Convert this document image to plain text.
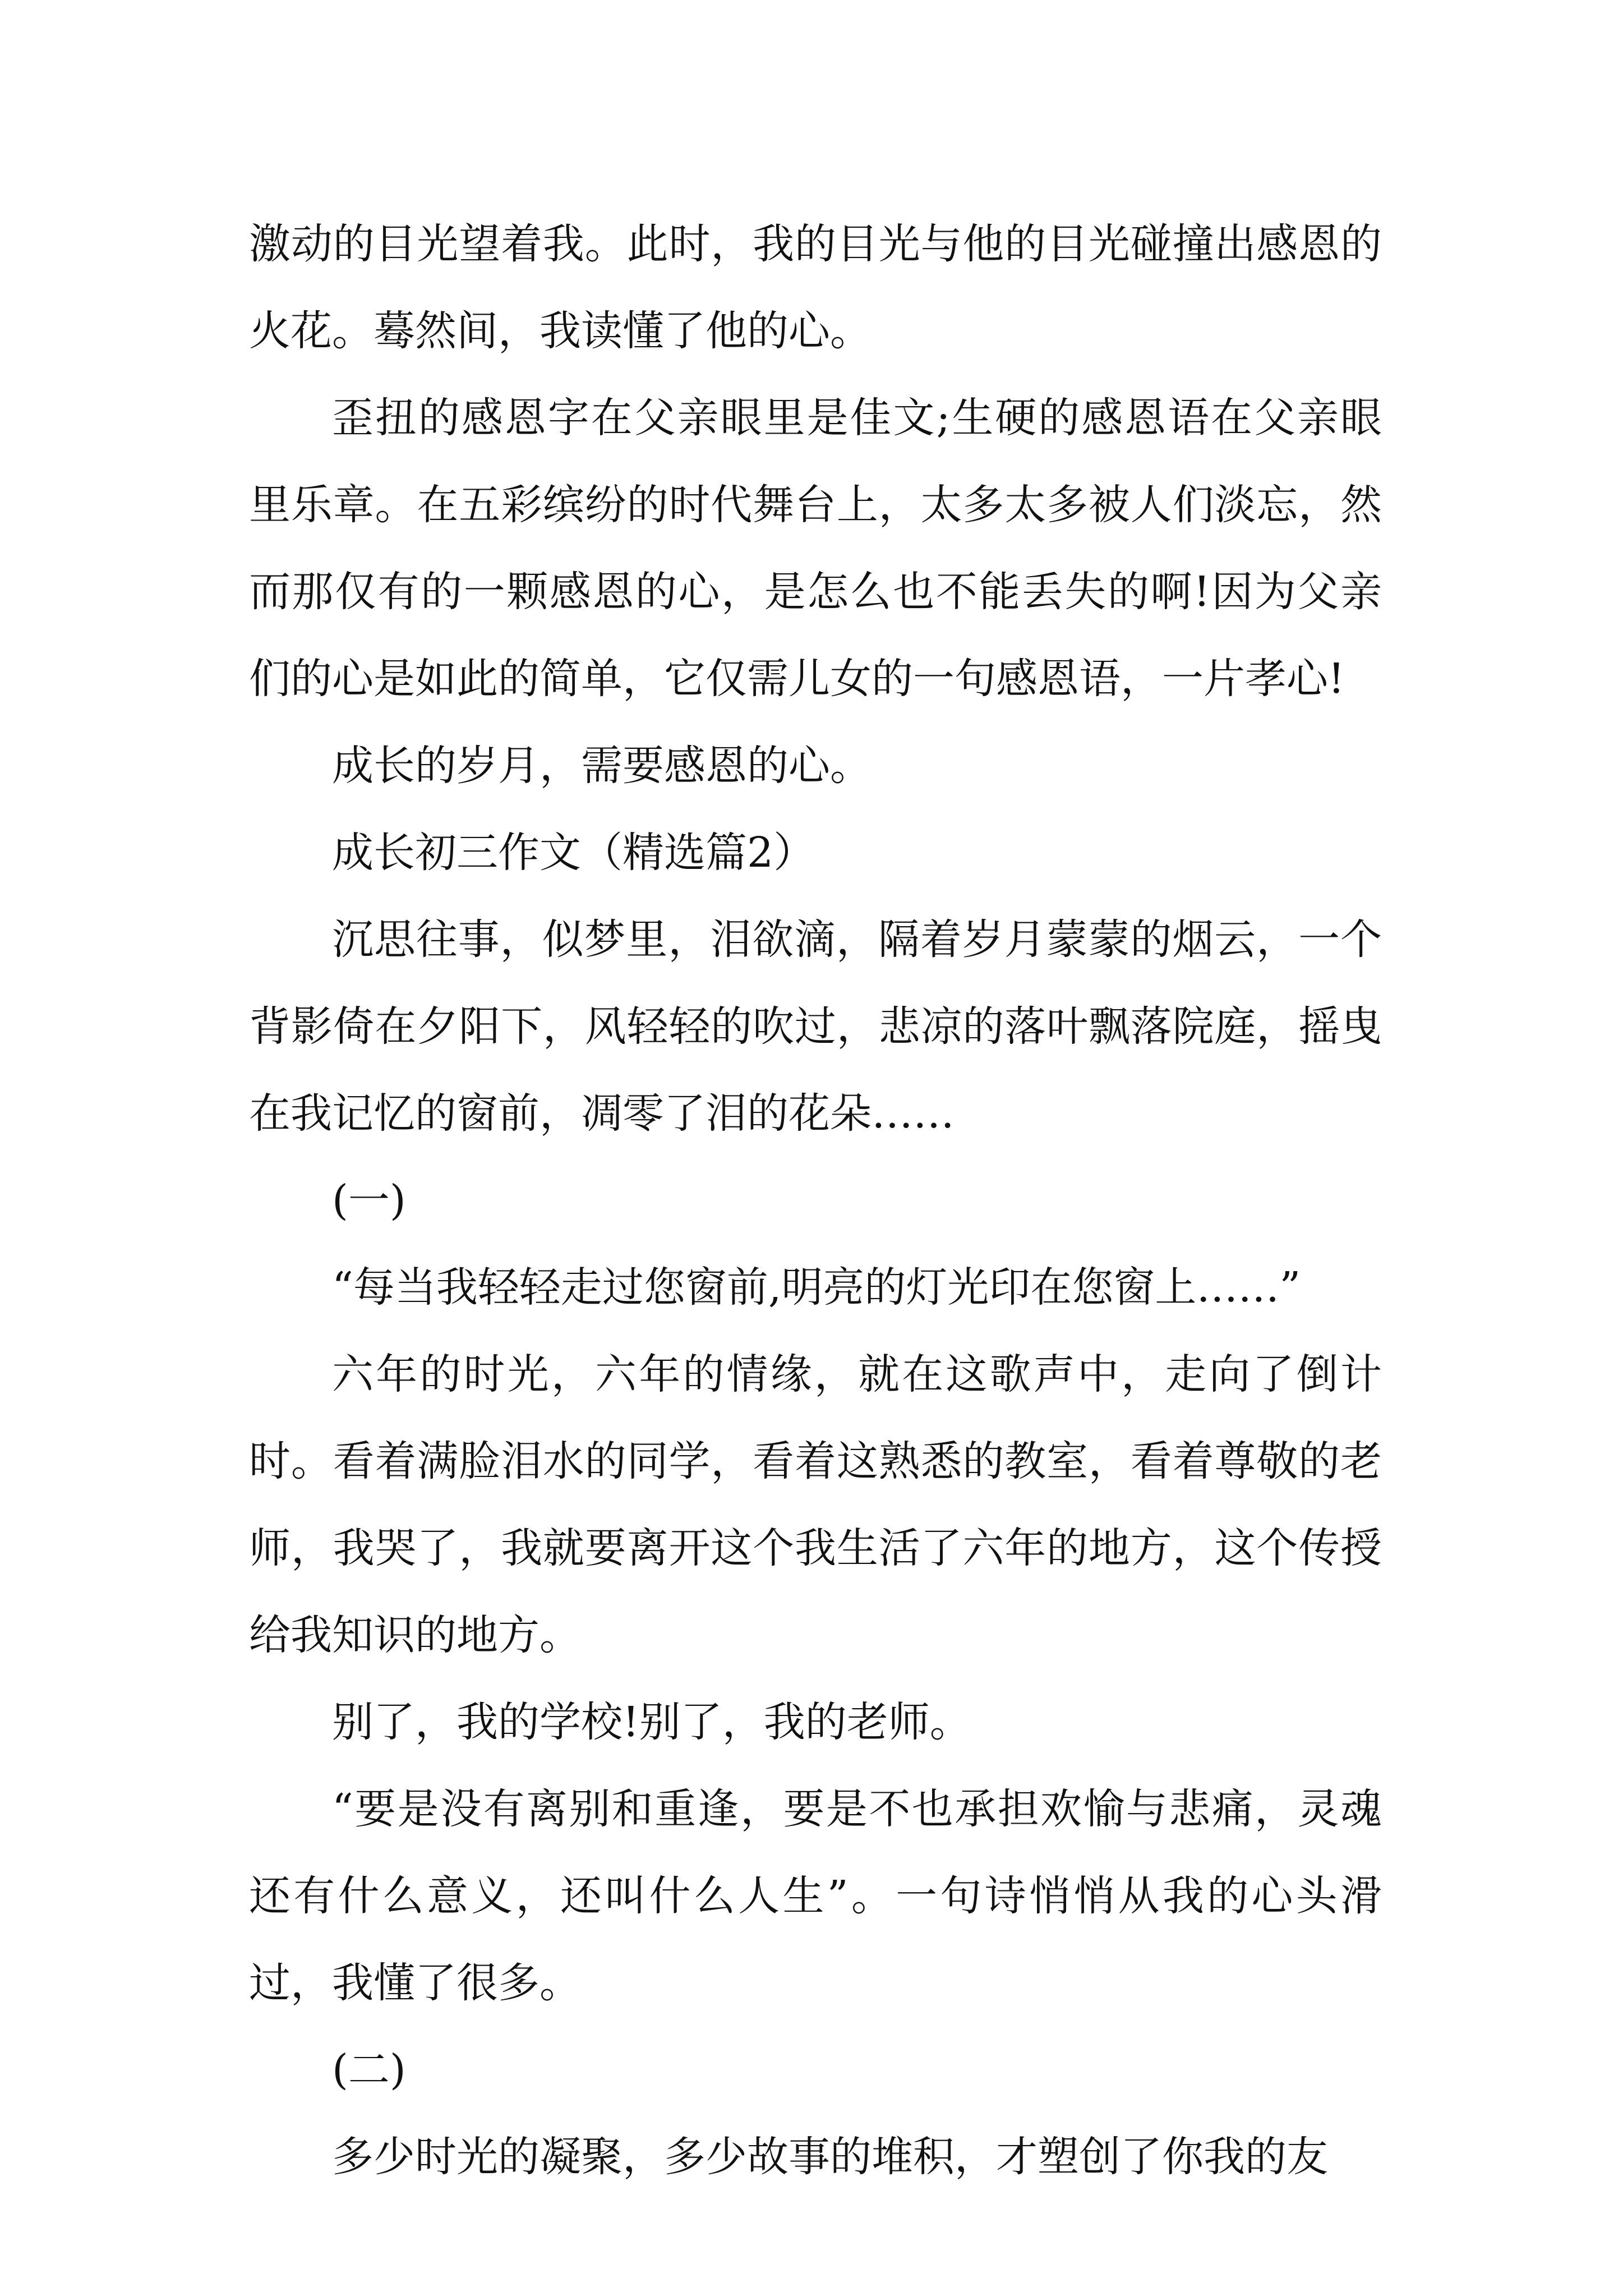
激动的目光望着我。此时，我的目光与他的目光碰撞出感恩的火花。蓦然间，我读懂了他的心。

歪扭的感恩字在父亲眼里是佳文;生硬的感恩语在父亲眼里乐章。在五彩缤纷的时代舞台上，太多太多被人们淡忘，然而那仅有的一颗感恩的心，是怎么也不能丢失的啊!因为父亲们的心是如此的简单，它仅需儿女的一句感恩语，一片孝心!

成长的岁月，需要感恩的心。

成长初三作文（精选篇2）

沉思往事，似梦里，泪欲滴，隔着岁月蒙蒙的烟云，一个背影倚在夕阳下，风轻轻的吹过，悲凉的落叶飘落院庭，摇曳在我记忆的窗前，凋零了泪的花朵……

(一)

“每当我轻轻走过您窗前,明亮的灯光印在您窗上……”

六年的时光，六年的情缘，就在这歌声中，走向了倒计时。看着满脸泪水的同学，看着这熟悉的教室，看着尊敬的老师，我哭了，我就要离开这个我生活了六年的地方，这个传授给我知识的地方。

别了，我的学校!别了，我的老师。

“要是没有离别和重逢，要是不也承担欢愉与悲痛，灵魂还有什么意义，还叫什么人生”。一句诗悄悄从我的心头滑过，我懂了很多。

(二)

多少时光的凝聚，多少故事的堆积，才塑创了你我的友
